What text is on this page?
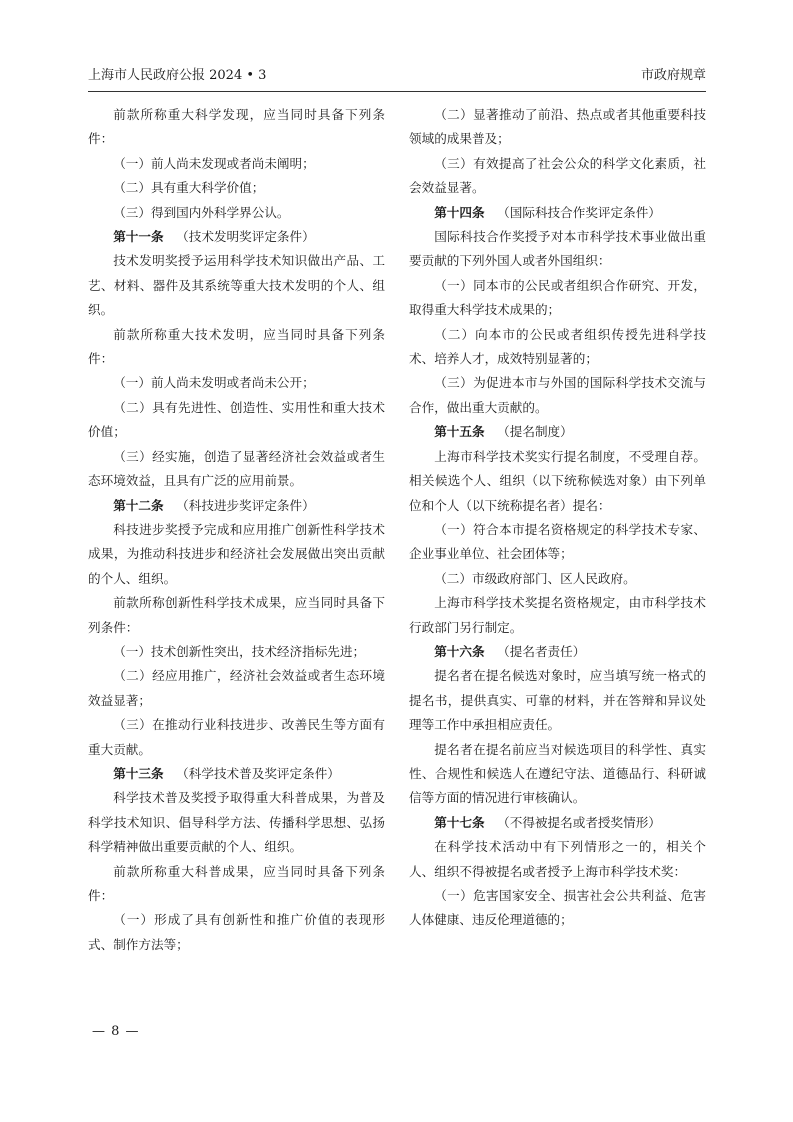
上海市人民政府公报 2024 • 3	市政府规章

前款所称重大科学发现，应当同时具备下列条件：

（一）前人尚未发现或者尚未阐明；

（二）具有重大科学价值；

（三）得到国内外科学界公认。

第十一条 （技术发明奖评定条件）

技术发明奖授予运用科学技术知识做出产品、工艺、材料、器件及其系统等重大技术发明的个人、组织。

前款所称重大技术发明，应当同时具备下列条件：

（一）前人尚未发明或者尚未公开；

（二）具有先进性、创造性、实用性和重大技术价值；

（三）经实施，创造了显著经济社会效益或者生态环境效益，且具有广泛的应用前景。

第十二条 （科技进步奖评定条件）

科技进步奖授予完成和应用推广创新性科学技术成果，为推动科技进步和经济社会发展做出突出贡献的个人、组织。

前款所称创新性科学技术成果，应当同时具备下列条件：

（一）技术创新性突出，技术经济指标先进；

（二）经应用推广，经济社会效益或者生态环境效益显著；

（三）在推动行业科技进步、改善民生等方面有重大贡献。

第十三条 （科学技术普及奖评定条件）

科学技术普及奖授予取得重大科普成果，为普及科学技术知识、倡导科学方法、传播科学思想、弘扬科学精神做出重要贡献的个人、组织。

前款所称重大科普成果，应当同时具备下列条件：

（一）形成了具有创新性和推广价值的表现形式、制作方法等；

（二）显著推动了前沿、热点或者其他重要科技领域的成果普及；

（三）有效提高了社会公众的科学文化素质，社会效益显著。

第十四条 （国际科技合作奖评定条件）

国际科技合作奖授予对本市科学技术事业做出重要贡献的下列外国人或者外国组织：

（一）同本市的公民或者组织合作研究、开发，取得重大科学技术成果的；

（二）向本市的公民或者组织传授先进科学技术、培养人才，成效特别显著的；

（三）为促进本市与外国的国际科学技术交流与合作，做出重大贡献的。

第十五条 （提名制度）

上海市科学技术奖实行提名制度，不受理自荐。相关候选个人、组织（以下统称候选对象）由下列单位和个人（以下统称提名者）提名：

（一）符合本市提名资格规定的科学技术专家、企业事业单位、社会团体等；

（二）市级政府部门、区人民政府。

上海市科学技术奖提名资格规定，由市科学技术行政部门另行制定。

第十六条 （提名者责任）

提名者在提名候选对象时，应当填写统一格式的提名书，提供真实、可靠的材料，并在答辩和异议处理等工作中承担相应责任。

提名者在提名前应当对候选项目的科学性、真实性、合规性和候选人在遵纪守法、道德品行、科研诚信等方面的情况进行审核确认。

第十七条 （不得被提名或者授奖情形）

在科学技术活动中有下列情形之一的，相关个人、组织不得被提名或者授予上海市科学技术奖：

（一）危害国家安全、损害社会公共利益、危害人体健康、违反伦理道德的；

— 8 —
